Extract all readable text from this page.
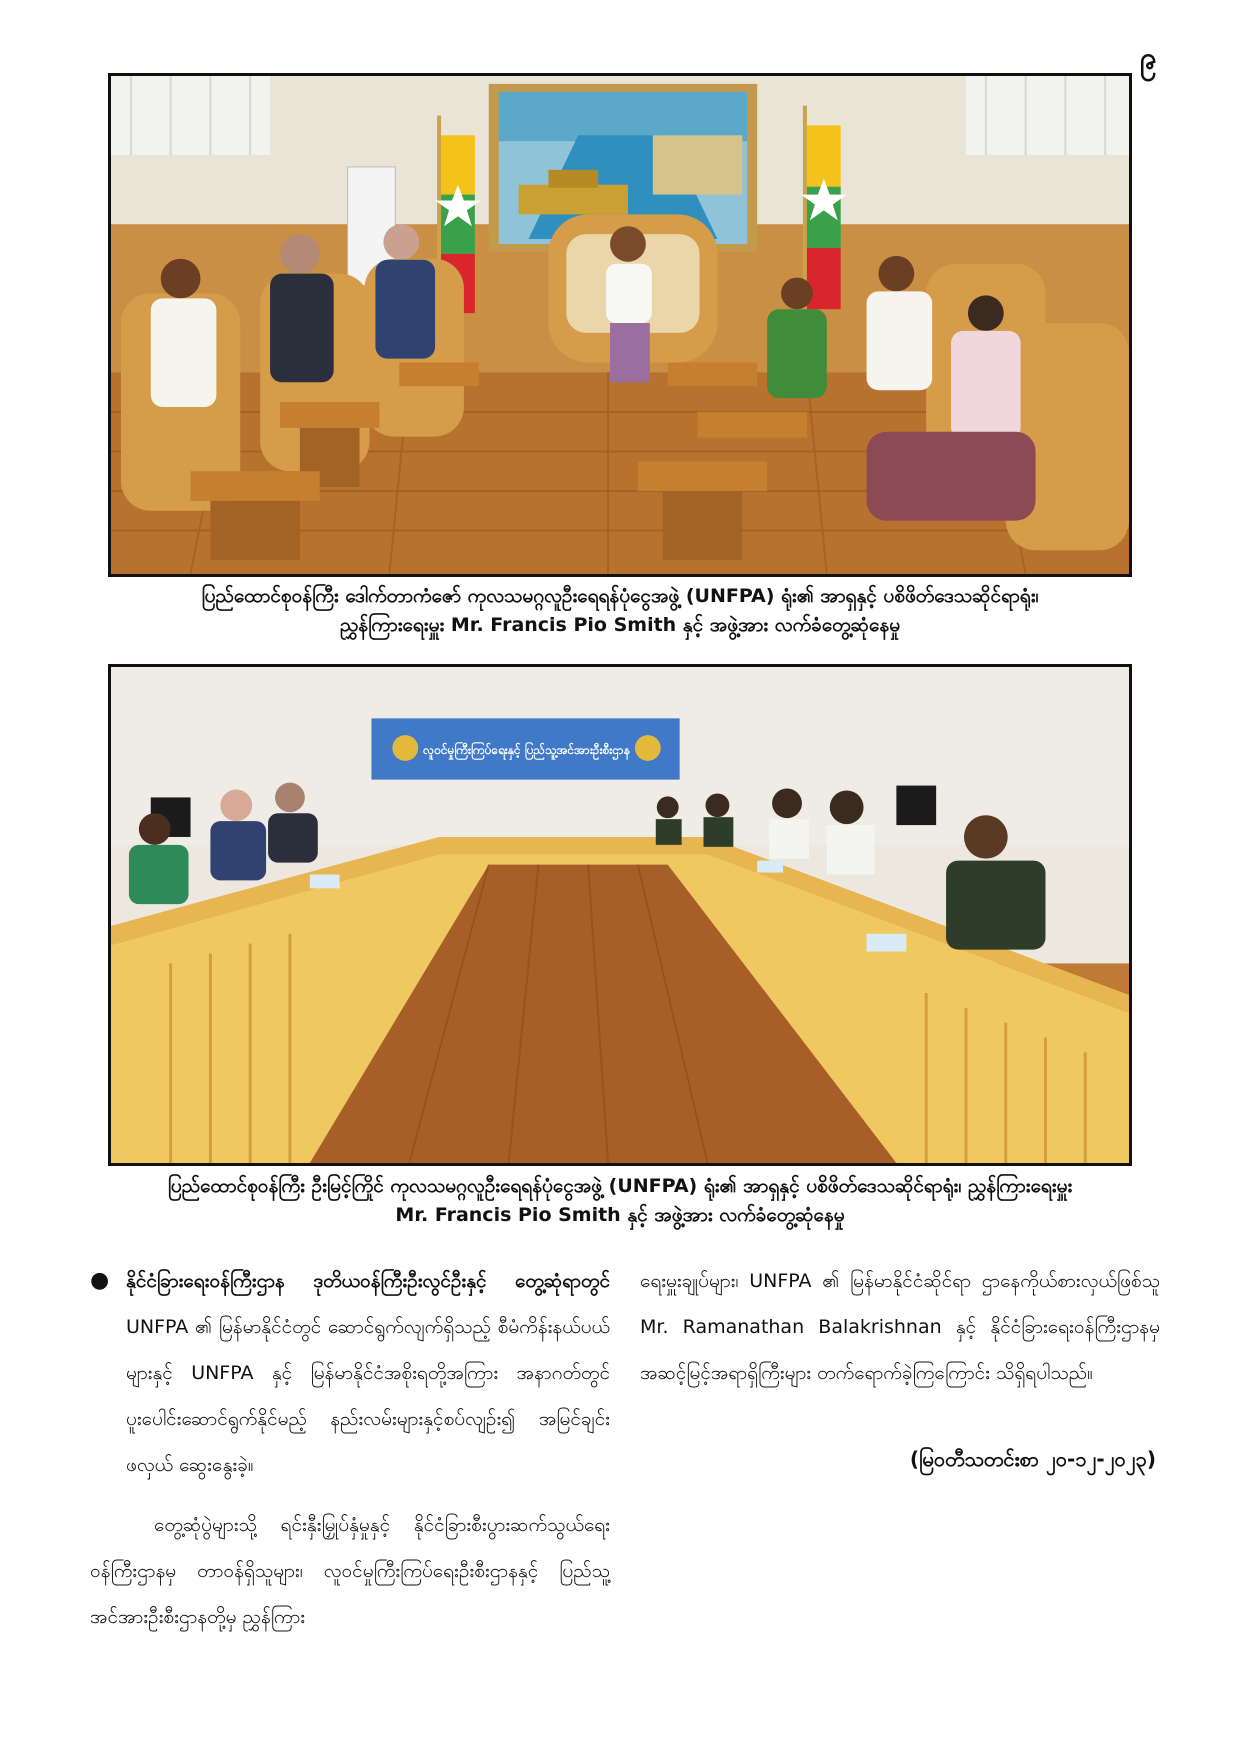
၉
ပြည်ထောင်စုဝန်ကြီး ဒေါက်တာကံဇော် ကုလသမဂ္ဂလူဦးရေရန်ပုံငွေအဖွဲ့ (UNFPA) ရုံး၏ အာရှနှင့် ပစိဖိတ်ဒေသဆိုင်ရာရုံး၊
ညွှန်ကြားရေးမှူး Mr. Francis Pio Smith နှင့် အဖွဲ့အား လက်ခံတွေ့ဆုံနေမှု
လူဝင်မှုကြီးကြပ်ရေးနှင့် ပြည်သူ့အင်အားဦးစီးဌာန
ပြည်ထောင်စုဝန်ကြီး ဦးမြင့်ကြိုင် ကုလသမဂ္ဂလူဦးရေရန်ပုံငွေအဖွဲ့ (UNFPA) ရုံး၏ အာရှနှင့် ပစိဖိတ်ဒေသဆိုင်ရာရုံး၊ ညွှန်ကြားရေးမှူး
Mr. Francis Pio Smith နှင့် အဖွဲ့အား လက်ခံတွေ့ဆုံနေမှု
● နိုင်ငံခြားရေးဝန်ကြီးဌာန ဒုတိယဝန်ကြီးဦးလွင်ဦးနှင့် တွေ့ဆုံရာတွင် UNFPA ၏ မြန်မာနိုင်ငံတွင် ဆောင်ရွက်လျက်ရှိသည့် စီမံကိန်းနယ်ပယ်များနှင့် UNFPA နှင့် မြန်မာနိုင်ငံအစိုးရတို့အကြား အနာဂတ်တွင် ပူးပေါင်းဆောင်ရွက်နိုင်မည့် နည်းလမ်းများနှင့်စပ်လျဉ်း၍ အမြင်ချင်းဖလှယ် ဆွေးနွေးခဲ့။
တွေ့ဆုံပွဲများသို့ ရင်းနှီးမြှုပ်နှံမှုနှင့် နိုင်ငံခြားစီးပွားဆက်သွယ်ရေးဝန်ကြီးဌာနမှ တာဝန်ရှိသူများ၊ လူဝင်မှုကြီးကြပ်ရေးဦးစီးဌာနနှင့် ပြည်သူ့အင်အားဦးစီးဌာနတို့မှ ညွှန်ကြား
ရေးမှူးချုပ်များ၊ UNFPA ၏ မြန်မာနိုင်ငံဆိုင်ရာ ဌာနေကိုယ်စားလှယ်ဖြစ်သူ Mr. Ramanathan Balakrishnan နှင့် နိုင်ငံခြားရေးဝန်ကြီးဌာနမှ အဆင့်မြင့်အရာရှိကြီးများ တက်ရောက်ခဲ့ကြကြောင်း သိရှိရပါသည်။
(မြဝတီသတင်းစာ ၂၀-၁၂-၂၀၂၃)
